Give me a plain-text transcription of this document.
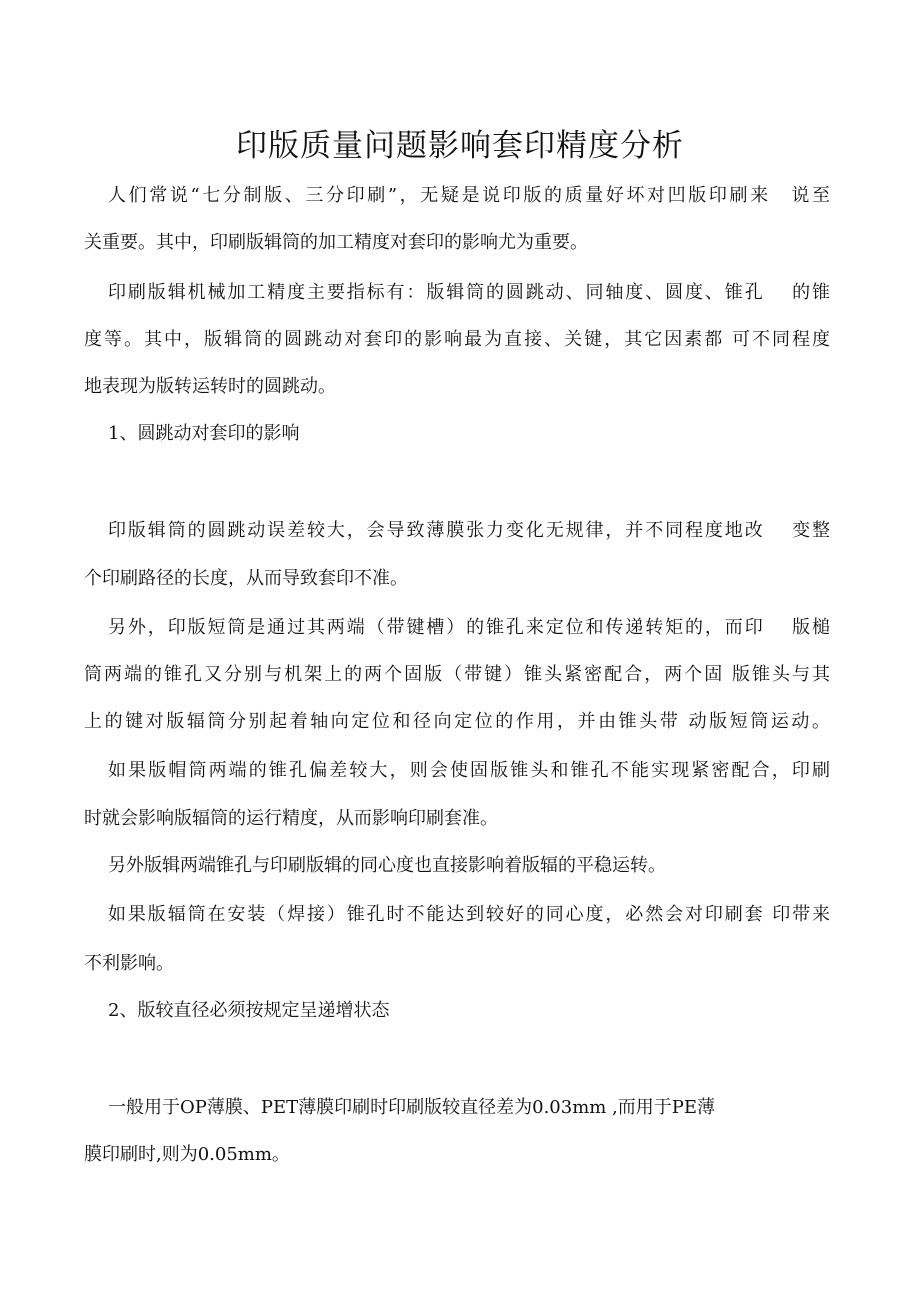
印版质量问题影响套印精度分析
人们常说“七分制版、三分印刷”，无疑是说印版的质量好坏对凹版印刷来　说至
关重要。其中，印刷版辑筒的加工精度对套印的影响尤为重要。
印刷版辑机械加工精度主要指标有：版辑筒的圆跳动、同轴度、圆度、锥孔　 的锥
度等。其中，版辑筒的圆跳动对套印的影响最为直接、关键，其它因素都 可不同程度
地表现为版转运转时的圆跳动。
1、圆跳动对套印的影响
印版辑筒的圆跳动误差较大，会导致薄膜张力变化无规律，并不同程度地改　 变整
个印刷路径的长度，从而导致套印不准。
另外，印版短筒是通过其两端（带键槽）的锥孔来定位和传递转矩的，而印　 版槌
筒两端的锥孔又分别与机架上的两个固版（带键）锥头紧密配合，两个固 版锥头与其
上的键对版辐筒分别起着轴向定位和径向定位的作用，并由锥头带 动版短筒运动。
如果版帽筒两端的锥孔偏差较大，则会使固版锥头和锥孔不能实现紧密配合，印刷
时就会影响版辐筒的运行精度，从而影响印刷套准。
另外版辑两端锥孔与印刷版辑的同心度也直接影响着版辐的平稳运转。
如果版辐筒在安装（焊接）锥孔时不能达到较好的同心度，必然会对印刷套 印带来
不利影响。
2、版较直径必须按规定呈递增状态
一般用于OP薄膜、PET薄膜印刷时印刷版较直径差为0.03mm ,而用于PE薄
膜印刷时,则为0.05mm。
